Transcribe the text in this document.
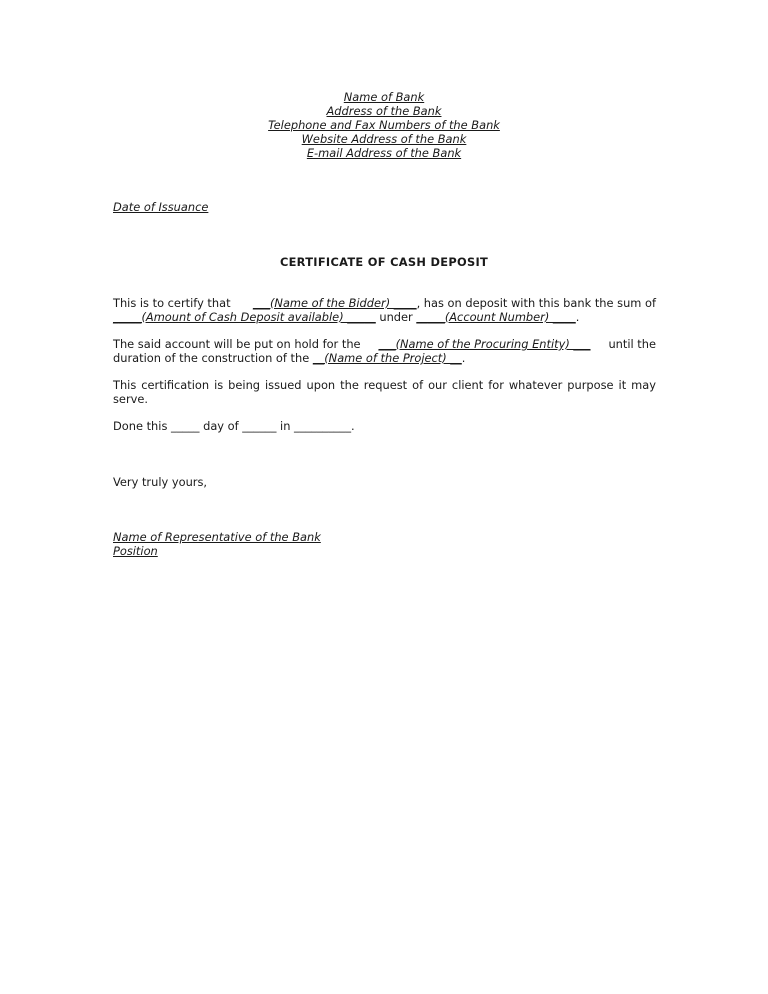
Name of Bank
Address of the Bank
Telephone and Fax Numbers of the Bank
Website Address of the Bank
E-mail Address of the Bank
Date of Issuance
CERTIFICATE OF CASH DEPOSIT
This is to certify that ___(Name of the Bidder) ____, has on deposit with this bank the sum of
_____(Amount of Cash Deposit available) _____ under _____(Account Number) ____.
The said account will be put on hold for the ___(Name of the Procuring Entity) ___ until the
duration of the construction of the __(Name of the Project) __.
This certification is being issued upon the request of our client for whatever purpose it may serve.
Done this _____ day of ______ in __________.
Very truly yours,
Name of Representative of the Bank
Position
